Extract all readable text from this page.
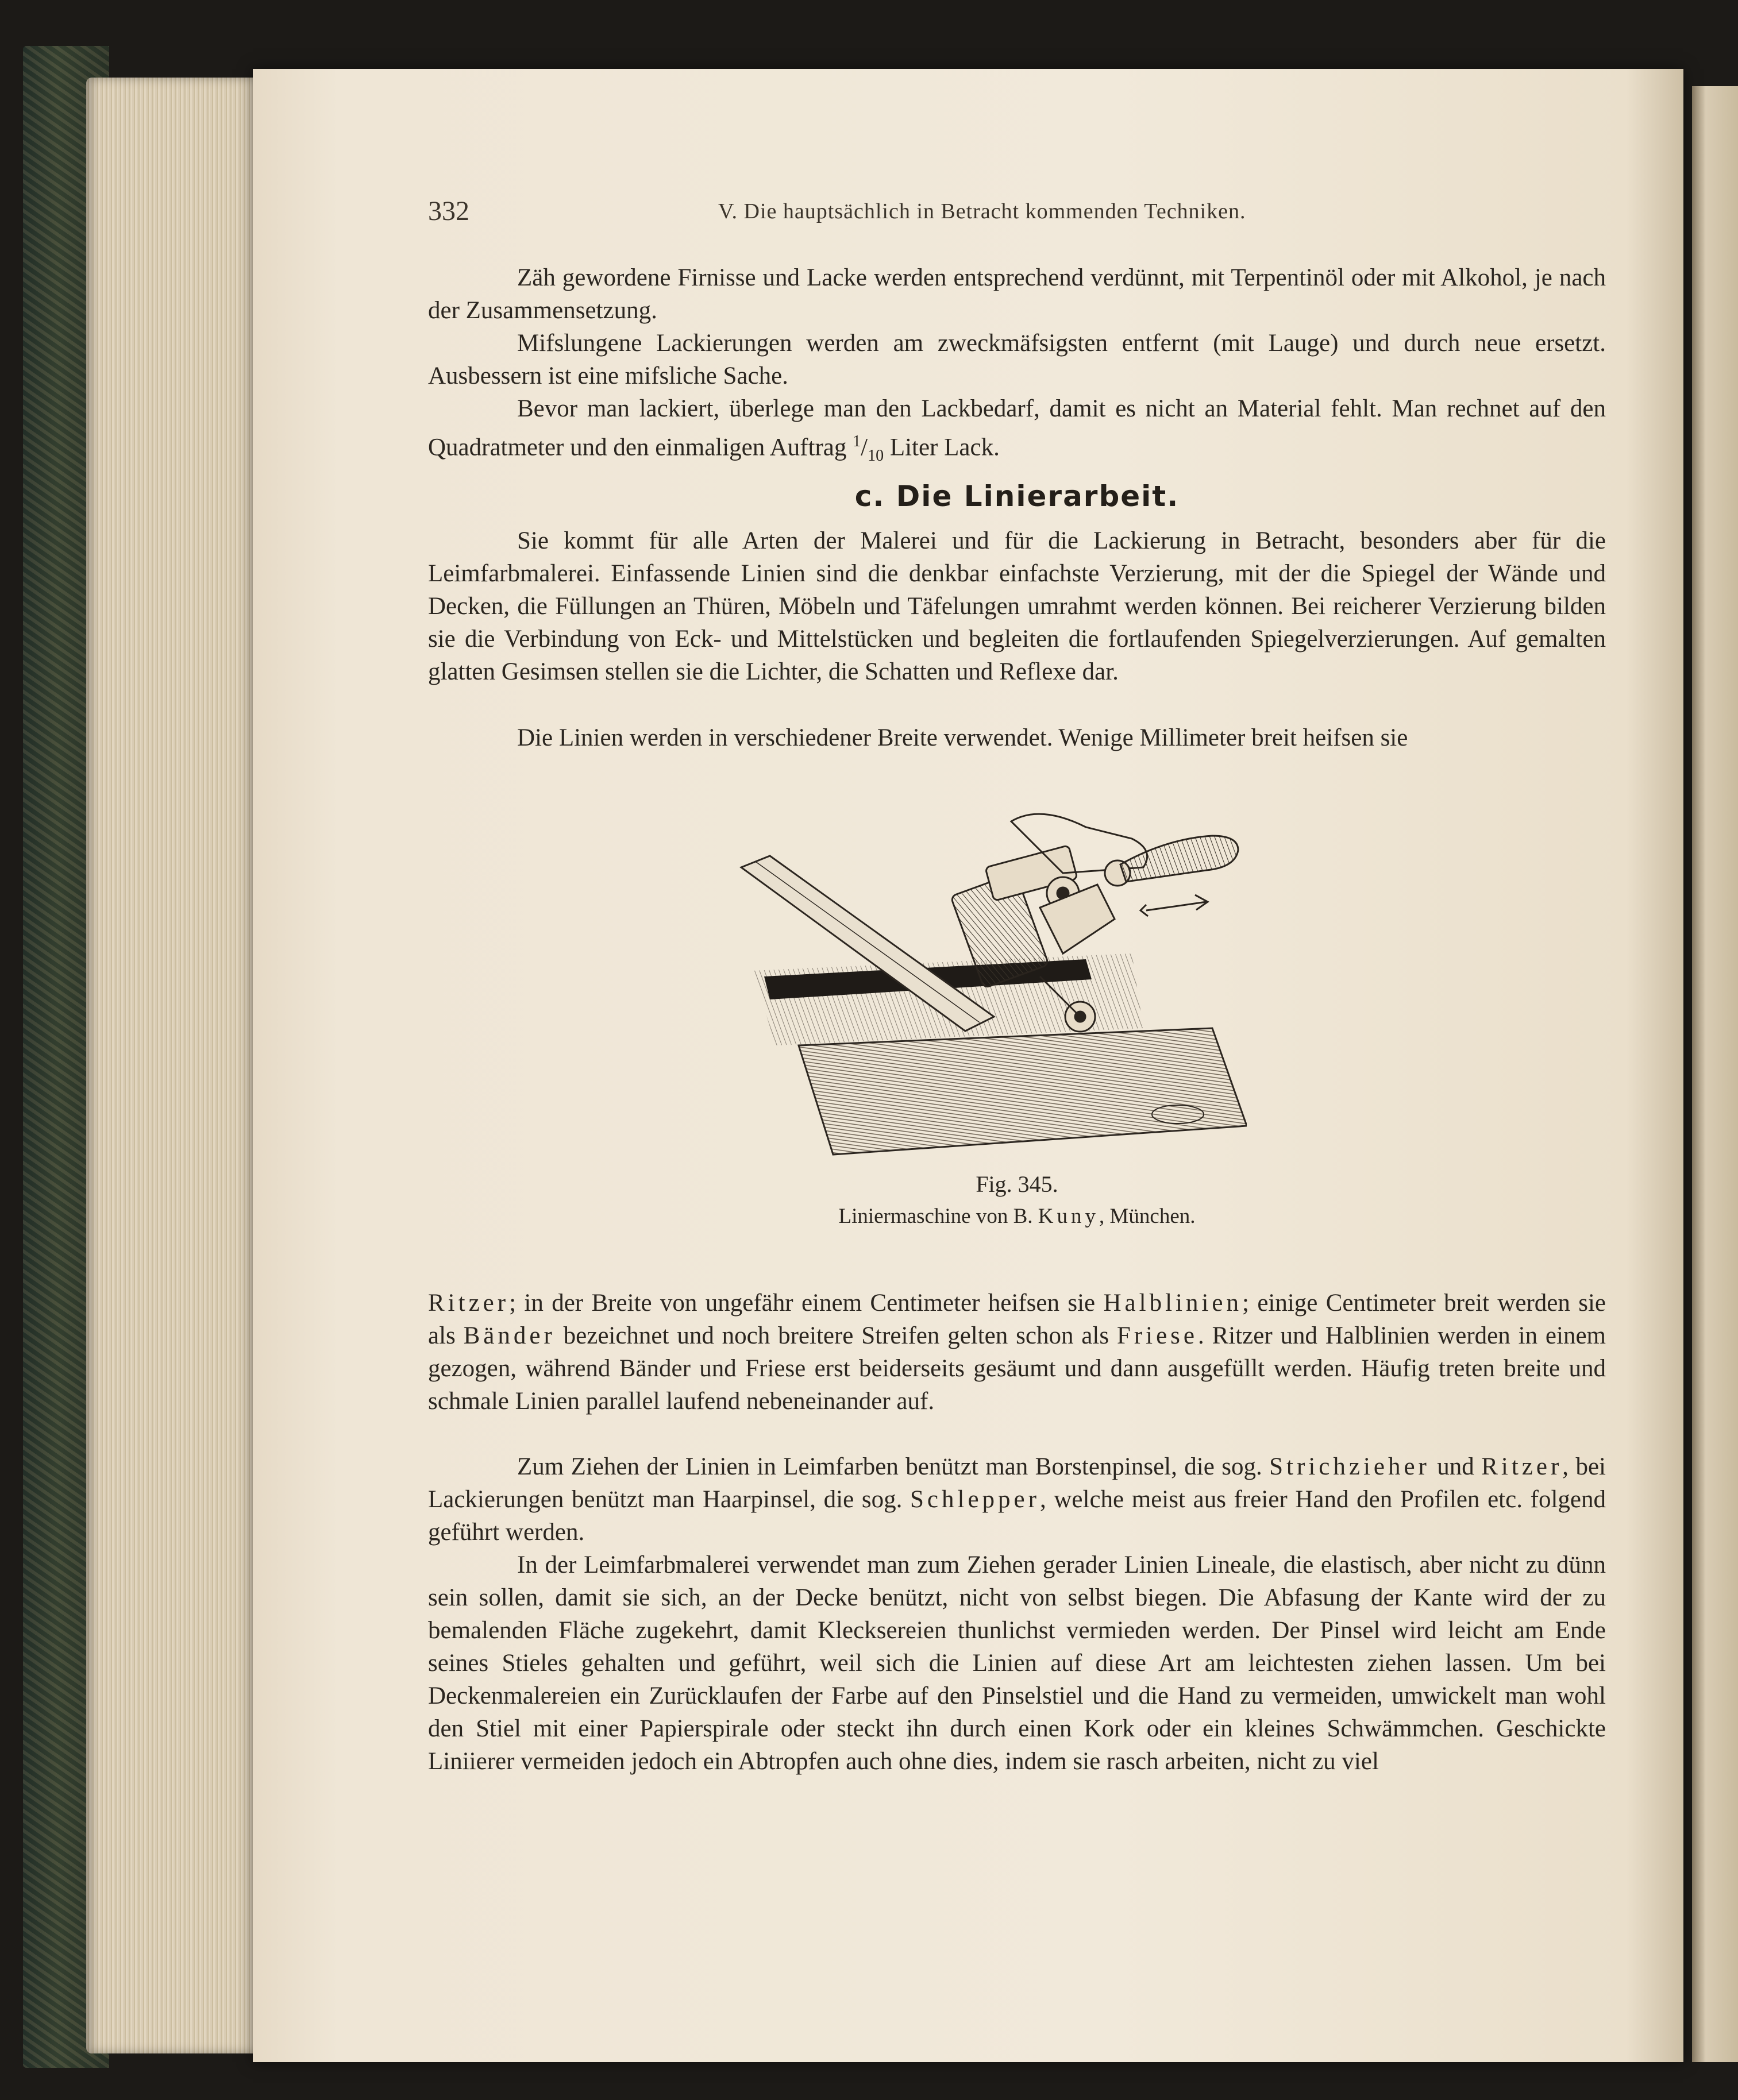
332	V. Die hauptsächlich in Betracht kommenden Techniken.

Zäh gewordene Firnisse und Lacke werden entsprechend verdünnt, mit Terpentinöl oder mit Alkohol, je nach der Zusammensetzung.

Mifslungene Lackierungen werden am zweckmäfsigsten entfernt (mit Lauge) und durch neue ersetzt. Ausbessern ist eine mifsliche Sache.

Bevor man lackiert, überlege man den Lackbedarf, damit es nicht an Material fehlt. Man rechnet auf den Quadratmeter und den einmaligen Auftrag $^1/_{10}$ Liter Lack.

c. Die Linierarbeit.

Sie kommt für alle Arten der Malerei und für die Lackierung in Betracht, besonders aber für die Leimfarbmalerei. Einfassende Linien sind die denkbar einfachste Verzierung, mit der die Spiegel der Wände und Decken, die Füllungen an Thüren, Möbeln und Täfelungen umrahmt werden können. Bei reicherer Verzierung bilden sie die Verbindung von Eck- und Mittelstücken und begleiten die fortlaufenden Spiegelverzierungen. Auf gemalten glatten Gesimsen stellen sie die Lichter, die Schatten und Reflexe dar.

Die Linien werden in verschiedener Breite verwendet. Wenige Millimeter breit heifsen sie

Fig. 345.
Liniermaschine von B. Kuny, München.

Ritzer; in der Breite von ungefähr einem Centimeter heifsen sie Halblinien; einige Centimeter breit werden sie als Bänder bezeichnet und noch breitere Streifen gelten schon als Friese. Ritzer und Halblinien werden in einem gezogen, während Bänder und Friese erst beiderseits gesäumt und dann ausgefüllt werden. Häufig treten breite und schmale Linien parallel laufend nebeneinander auf.

Zum Ziehen der Linien in Leimfarben benützt man Borstenpinsel, die sog. Strichzieher und Ritzer, bei Lackierungen benützt man Haarpinsel, die sog. Schlepper, welche meist aus freier Hand den Profilen etc. folgend geführt werden.

In der Leimfarbmalerei verwendet man zum Ziehen gerader Linien Lineale, die elastisch, aber nicht zu dünn sein sollen, damit sie sich, an der Decke benützt, nicht von selbst biegen. Die Abfasung der Kante wird der zu bemalenden Fläche zugekehrt, damit Klecksereien thunlichst vermieden werden. Der Pinsel wird leicht am Ende seines Stieles gehalten und geführt, weil sich die Linien auf diese Art am leichtesten ziehen lassen. Um bei Deckenmalereien ein Zurücklaufen der Farbe auf den Pinselstiel und die Hand zu vermeiden, umwickelt man wohl den Stiel mit einer Papierspirale oder steckt ihn durch einen Kork oder ein kleines Schwämmchen. Geschickte Liniierer vermeiden jedoch ein Abtropfen auch ohne dies, indem sie rasch arbeiten, nicht zu viel
